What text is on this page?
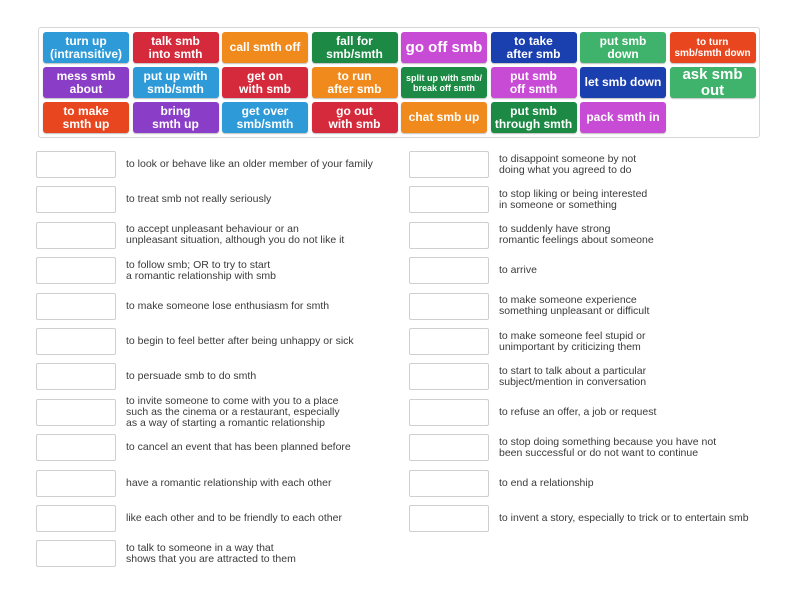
turn up
(intransitive)
talk smb
into smth	call smth off	fall for
smb/smth	go off smb	to take
after smb
put smb
down
to turn
smb/smth down
mess smb
about
put up with
smb/smth
get on
with smb
to run
after smb
split up with smb/
break off smth
put smb
off smth	let smb down	ask smb out
to make
smth up
bring
smth up
get over
smb/smth
go out
with smb	chat smb up	put smb
through smth	pack smth in
to look or behave like an older member of your family
to treat smb not really seriously
to accept unpleasant behaviour or an
unpleasant situation, although you do not like it
to follow smb; OR to try to start
a romantic relationship with smb
to make someone lose enthusiasm for smth
to begin to feel better after being unhappy or sick
to persuade smb to do smth
to invite someone to come with you to a place
such as the cinema or a restaurant, especially
as a way of starting a romantic relationship
to cancel an event that has been planned before
have a romantic relationship with each other
like each other and to be friendly to each other
to talk to someone in a way that
shows that you are attracted to them
to disappoint someone by not
doing what you agreed to do
to stop liking or being interested
in someone or something
to suddenly have strong
romantic feelings about someone
to arrive
to make someone experience
something unpleasant or difficult
to make someone feel stupid or
unimportant by criticizing them
to start to talk about a particular
subject/mention in conversation
to refuse an offer, a job or request
to stop doing something because you have not
been successful or do not want to continue
to end a relationship
to invent a story, especially to trick or to entertain smb
